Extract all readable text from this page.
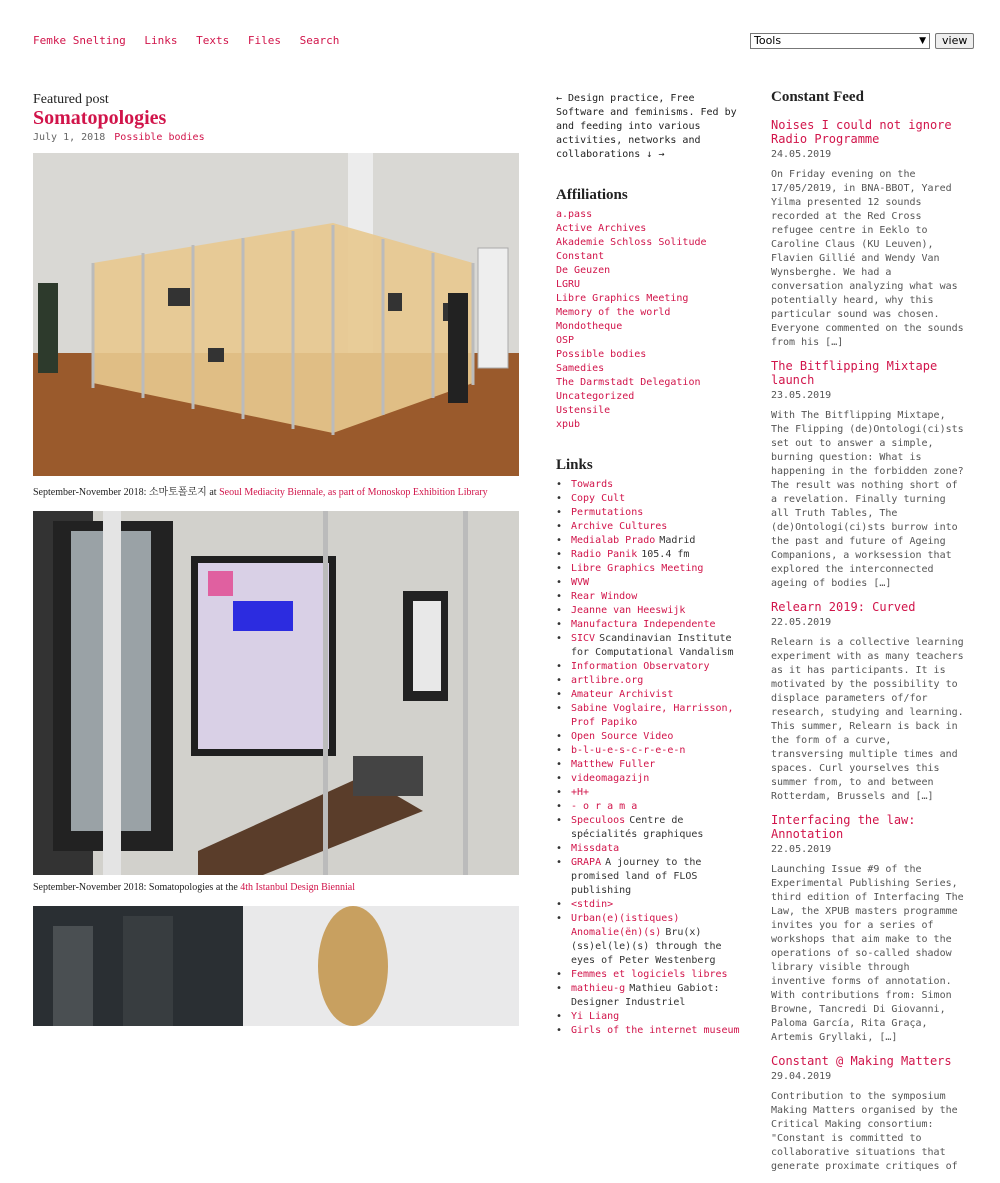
Femke Snelting Links Texts Files Search	Tools	▼	view
Featured post
Somatopologies
July 1, 2018 Possible bodies
September-November 2018: 소마토폴로지 at Seoul Mediacity Biennale, as part of Monoskop Exhibition Library
September-November 2018: Somatopologies at the 4th Istanbul Design Biennial
← Design practice, Free Software and feminisms. Fed by and feeding into various activities, networks and collaborations ↓ →
Affiliations
a.pass
Active Archives
Akademie Schloss Solitude
Constant
De Geuzen
LGRU
Libre Graphics Meeting
Memory of the world
Mondotheque
OSP
Possible bodies
Samedies
The Darmstadt Delegation
Uncategorized
Ustensile
xpub
Links
• Towards
• Copy Cult
• Permutations
• Archive Cultures
• Medialab Prado Madrid
• Radio Panik 105.4 fm
• Libre Graphics Meeting
• WVW
• Rear Window
• Jeanne van Heeswijk
• Manufactura Independente
• SICV Scandinavian Institute for Computational Vandalism
• Information Observatory
• artlibre.org
• Amateur Archivist
• Sabine Voglaire, Harrisson, Prof Papiko
• Open Source Video
• b-l-u-e-s-c-r-e-e-n
• Matthew Fuller
• videomagazijn
• +H+
• - o r a m a
• Speculoos Centre de spécialités graphiques
• Missdata
• GRAPA A journey to the promised land of FLOS publishing
• <stdin>
• Urban(e)(istiques) Anomalie(ën)(s) Bru(x)(ss)el(le)(s) through the eyes of Peter Westenberg
• Femmes et logiciels libres
• mathieu-g Mathieu Gabiot: Designer Industriel
• Yi Liang
• Girls of the internet museum
Constant Feed
Noises I could not ignore Radio Programme
24.05.2019
On Friday evening on the 17/05/2019, in BNA-BBOT, Yared Yilma presented 12 sounds recorded at the Red Cross refugee centre in Eeklo to Caroline Claus (KU Leuven), Flavien Gillié and Wendy Van Wynsberghe. We had a conversation analyzing what was potentially heard, why this particular sound was chosen. Everyone commented on the sounds from his […]
The Bitflipping Mixtape launch
23.05.2019
With The Bitflipping Mixtape, The Flipping (de)Ontologi(ci)sts set out to answer a simple, burning question: What is happening in the forbidden zone? The result was nothing short of a revelation. Finally turning all Truth Tables, The (de)Ontologi(ci)sts burrow into the past and future of Ageing Companions, a worksession that explored the interconnected ageing of bodies […]
Relearn 2019: Curved
22.05.2019
Relearn is a collective learning experiment with as many teachers as it has participants. It is motivated by the possibility to displace parameters of/for research, studying and learning. This summer, Relearn is back in the form of a curve, transversing multiple times and spaces. Curl yourselves this summer from, to and between Rotterdam, Brussels and […]
Interfacing the law: Annotation
22.05.2019
Launching Issue #9 of the Experimental Publishing Series, third edition of Interfacing The Law, the XPUB masters programme invites you for a series of workshops that aim make to the operations of so-called shadow library visible through inventive forms of annotation. With contributions from: Simon Browne, Tancredi Di Giovanni, Paloma García, Rita Graça, Artemis Gryllaki, […]
Constant @ Making Matters
29.04.2019
Contribution to the symposium Making Matters organised by the Critical Making consortium: "Constant is committed to collaborative situations that generate proximate critiques of
